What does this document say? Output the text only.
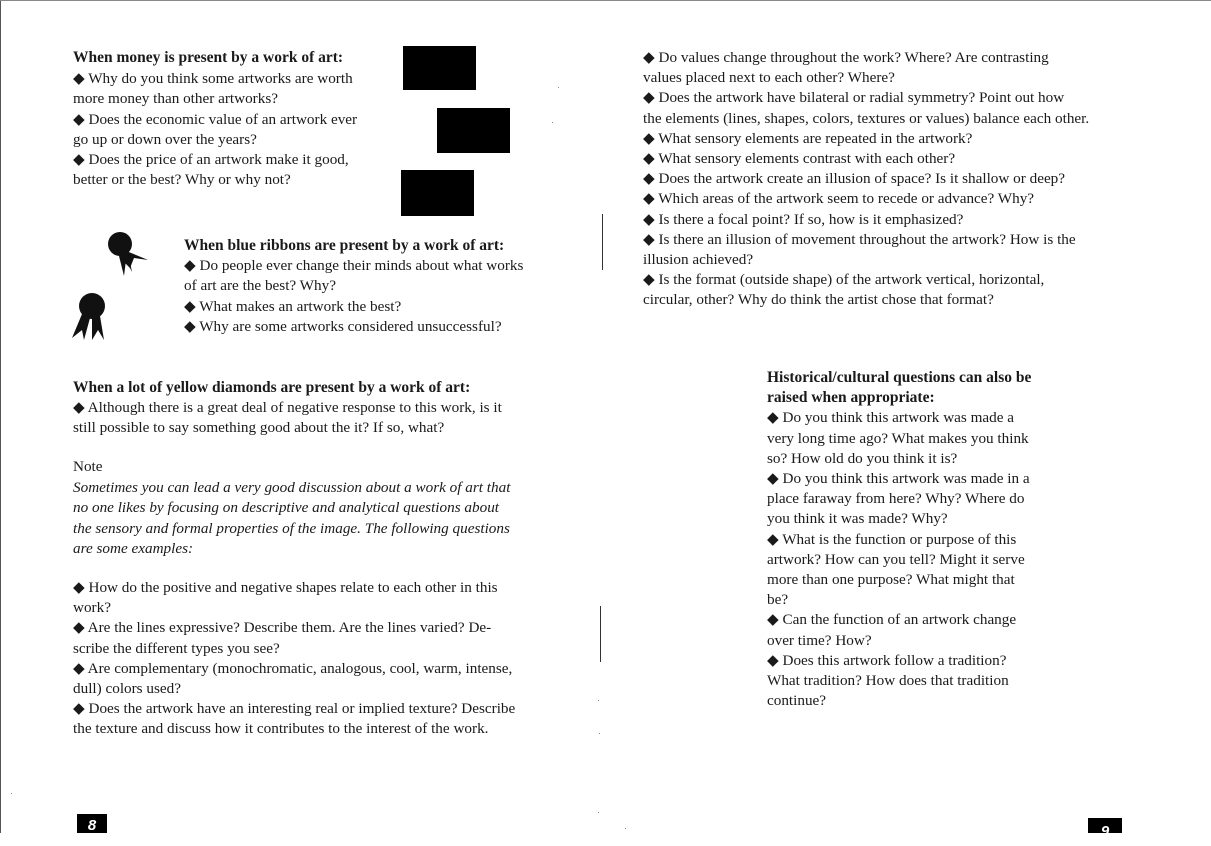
When money is present by a work of art:

◆ Why do you think some artworks are worth

more money than other artworks?

◆ Does the economic value of an artwork ever

go up or down over the years?

◆ Does the price of an artwork make it good,

better or the best? Why or why not?

When blue ribbons are present by a work of art:

◆ Do people ever change their minds about what works

of art are the best? Why?

◆ What makes an artwork the best?

◆ Why are some artworks considered unsuccessful?

When a lot of yellow diamonds are present by a work of art:

◆ Although there is a great deal of negative response to this work, is it

still possible to say something good about the it? If so, what?

Note

Sometimes you can lead a very good discussion about a work of art that

no one likes by focusing on descriptive and analytical questions about

the sensory and formal properties of the image. The following questions

are some examples:

◆ How do the positive and negative shapes relate to each other in this

work?

◆ Are the lines expressive? Describe them. Are the lines varied? De-

scribe the different types you see?

◆ Are complementary (monochromatic, analogous, cool, warm, intense,

dull) colors used?

◆ Does the artwork have an interesting real or implied texture? Describe

the texture and discuss how it contributes to the interest of the work.

8

◆ Do values change throughout the work? Where? Are contrasting

values placed next to each other? Where?

◆ Does the artwork have bilateral or radial symmetry? Point out how

the elements (lines, shapes, colors, textures or values) balance each other.

◆ What sensory elements are repeated in the artwork?

◆ What sensory elements contrast with each other?

◆ Does the artwork create an illusion of space? Is it shallow or deep?

◆ Which areas of the artwork seem to recede or advance? Why?

◆ Is there a focal point? If so, how is it emphasized?

◆ Is there an illusion of movement throughout the artwork? How is the

illusion achieved?

◆ Is the format (outside shape) of the artwork vertical, horizontal,

circular, other? Why do think the artist chose that format?

Historical/cultural questions can also be

raised when appropriate:

◆ Do you think this artwork was made a

very long time ago? What makes you think

so? How old do you think it is?

◆ Do you think this artwork was made in a

place faraway from here? Why? Where do

you think it was made? Why?

◆ What is the function or purpose of this

artwork? How can you tell? Might it serve

more than one purpose? What might that

be?

◆ Can the function of an artwork change

over time? How?

◆ Does this artwork follow a tradition?

What tradition? How does that tradition

continue?

9
